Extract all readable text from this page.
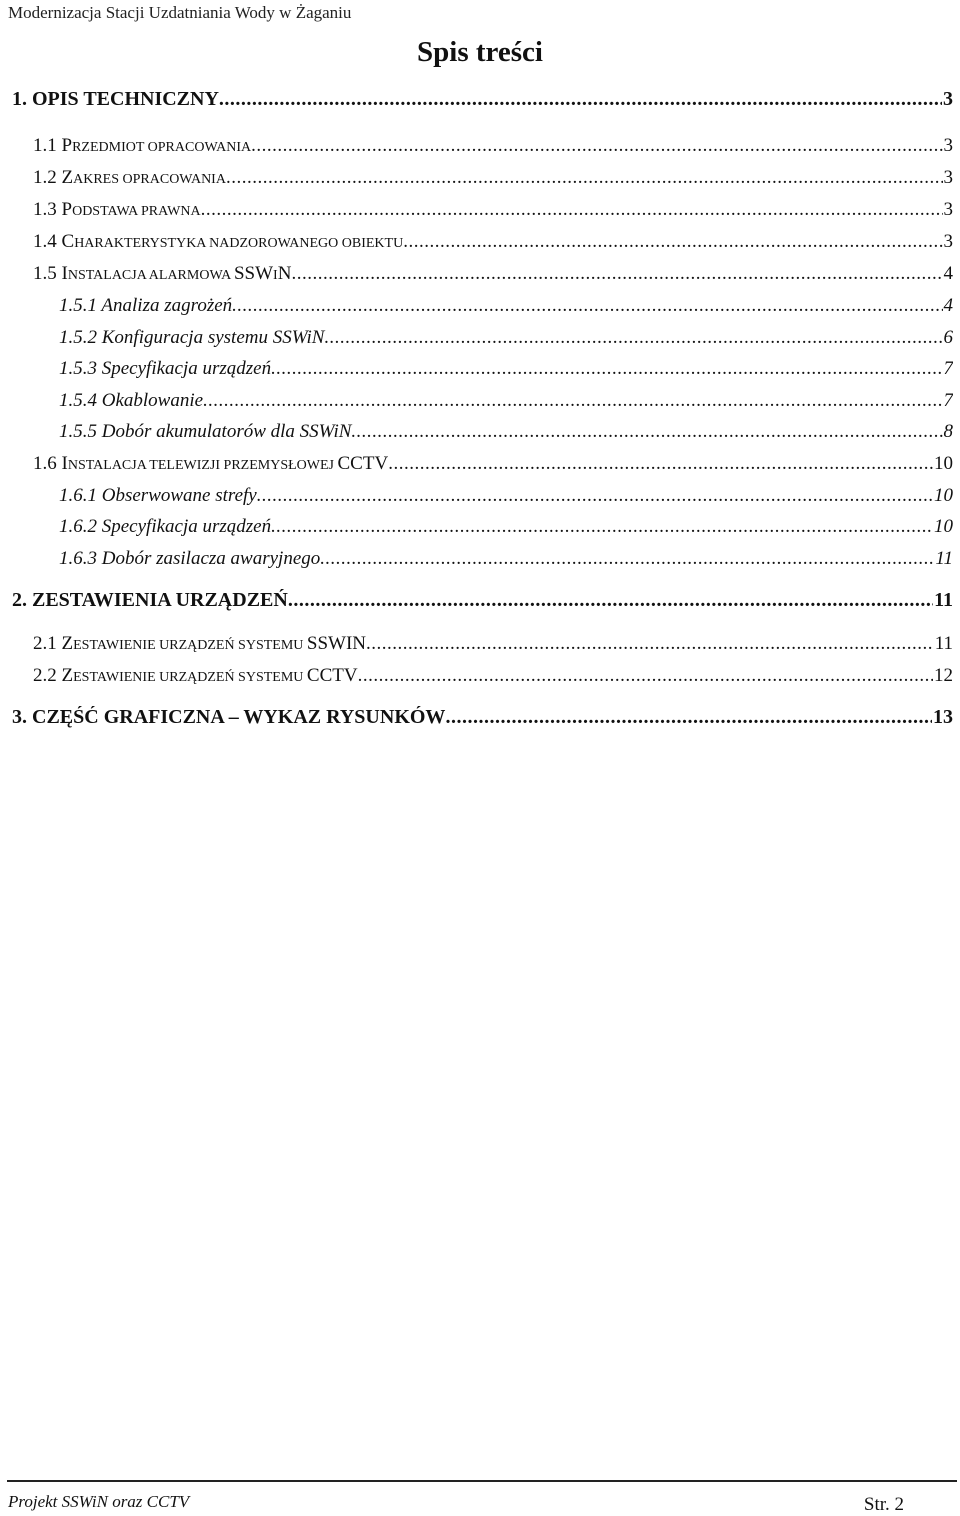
Modernizacja Stacji Uzdatniania Wody w Żaganiu
Spis treści
1. OPIS TECHNICZNY .....	3
1.1 PRZEDMIOT OPRACOWANIA .....	3
1.2 ZAKRES OPRACOWANIA .....	3
1.3 PODSTAWA PRAWNA .....	3
1.4 CHARAKTERYSTYKA NADZOROWANEGO OBIEKTU .....	3
1.5 INSTALACJA ALARMOWA SSWIN .....	4
1.5.1 Analiza zagrożeń .....	4
1.5.2 Konfiguracja systemu SSWiN .....	6
1.5.3 Specyfikacja urządzeń .....	7
1.5.4 Okablowanie .....	7
1.5.5 Dobór akumulatorów dla SSWiN .....	8
1.6 INSTALACJA TELEWIZJI PRZEMYSŁOWEJ CCTV .....	10
1.6.1 Obserwowane strefy .....	10
1.6.2 Specyfikacja urządzeń .....	10
1.6.3 Dobór zasilacza awaryjnego .....	11
2. ZESTAWIENIA URZĄDZEŃ .....	11
2.1 ZESTAWIENIE URZĄDZEŃ SYSTEMU SSWIN .....	11
2.2 ZESTAWIENIE URZĄDZEŃ SYSTEMU CCTV .....	12
3. CZĘŚĆ GRAFICZNA – WYKAZ RYSUNKÓW .....	13
Projekt SSWiN oraz CCTV	Str. 2
